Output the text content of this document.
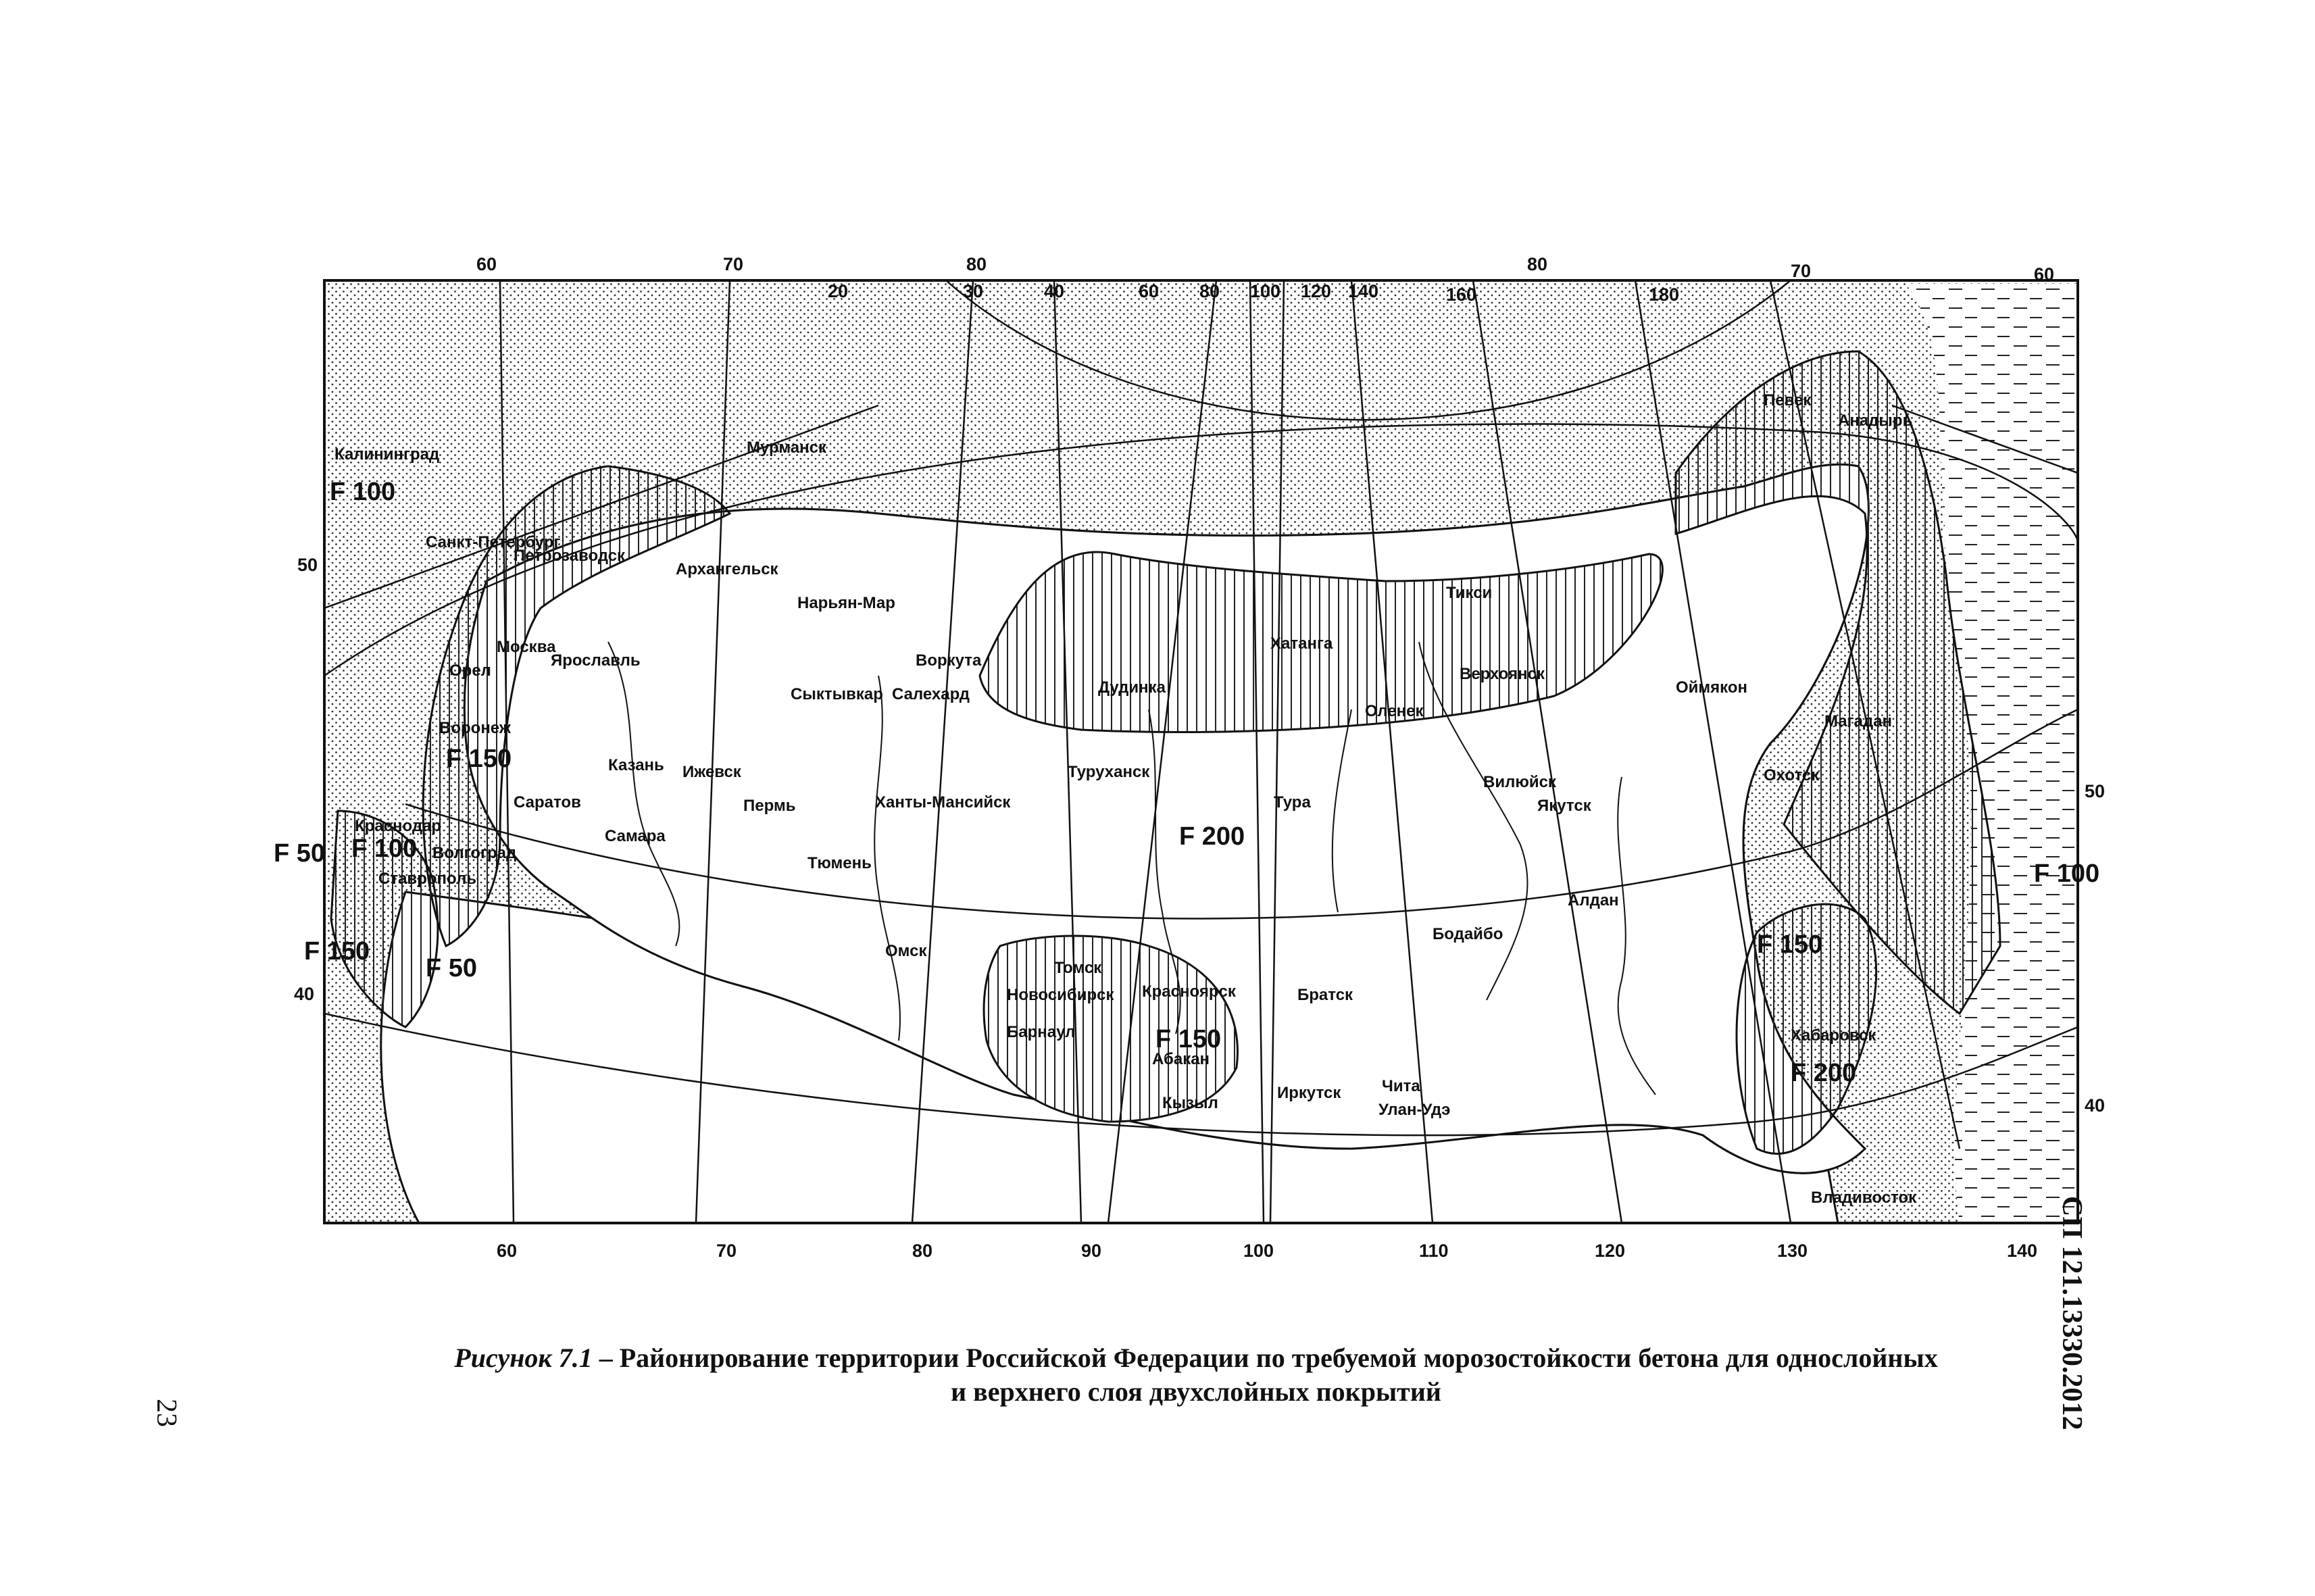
60	70	80	80	70	60
60	70	80	90	100	110	120	130	140
50
40
50
40
20	30	40	60 80 100 120 140	160	180
F 100
F 150
F 50 F 100
F 150
F 50
F 200
F 150
F 100
F 150
F 200
Калининград	Мурманск
Санкт-Петербург
Петрозаводск
Архангельск
Нарьян-Мар
Москва
Ярославль
Орел
Воронеж
Воркута
Сыктывкар Салехард
Казань Ижевск
Пермь
Саратов
Самара
Краснодар
Волгоград
Ставрополь
Ханты-Мансийск
Тюмень
Туруханск
Дудинка
Хатанга
Тикси
Оленек
Верхоянск
Оймякон
Певек
Анадырь
Магадан
Охотск
Вилюйск
Якутск
Тура
Алдан
Бодайбо
Омск
Томск
Новосибирск
Барнаул
Красноярск
Абакан
Кызыл
Братск
Иркутск	Чита
Улан-Удэ
Хабаровск
Владивосток
Рисунок 7.1 – Районирование территории Российской Федерации по требуемой морозостойкости бетона для однослойных
и верхнего слоя двухслойных покрытий	СП 121.13330.2012
23
